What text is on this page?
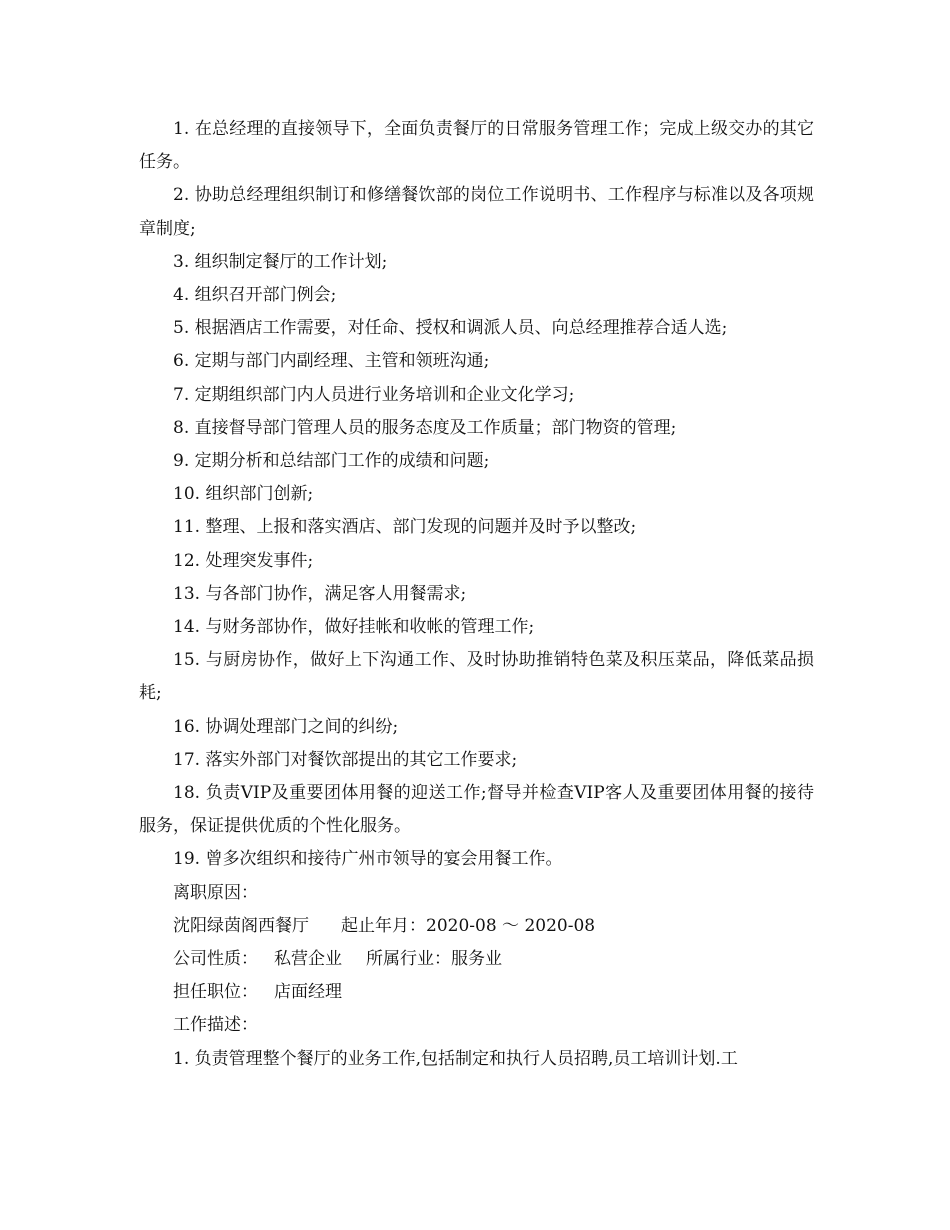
1. 在总经理的直接领导下，全面负责餐厅的日常服务管理工作；完成上级交办的其它任务。

2. 协助总经理组织制订和修缮餐饮部的岗位工作说明书、工作程序与标准以及各项规章制度;

3. 组织制定餐厅的工作计划;

4. 组织召开部门例会;

5. 根据酒店工作需要，对任命、授权和调派人员、向总经理推荐合适人选;

6. 定期与部门内副经理、主管和领班沟通;

7. 定期组织部门内人员进行业务培训和企业文化学习;

8. 直接督导部门管理人员的服务态度及工作质量；部门物资的管理;

9. 定期分析和总结部门工作的成绩和问题;

10. 组织部门创新;

11. 整理、上报和落实酒店、部门发现的问题并及时予以整改;

12. 处理突发事件;

13. 与各部门协作，满足客人用餐需求;

14. 与财务部协作，做好挂帐和收帐的管理工作;

15. 与厨房协作，做好上下沟通工作、及时协助推销特色菜及积压菜品，降低菜品损耗;

16. 协调处理部门之间的纠纷;

17. 落实外部门对餐饮部提出的其它工作要求;

18. 负责VIP及重要团体用餐的迎送工作;督导并检查VIP客人及重要团体用餐的接待服务，保证提供优质的个性化服务。

19. 曾多次组织和接待广州市领导的宴会用餐工作。

离职原因：

沈阳绿茵阁西餐厅 起止年月：2020-08 ～ 2020-08

公司性质： 私营企业 所属行业：服务业

担任职位： 店面经理

工作描述：

1. 负责管理整个餐厅的业务工作,包括制定和执行人员招聘,员工培训计划.工
